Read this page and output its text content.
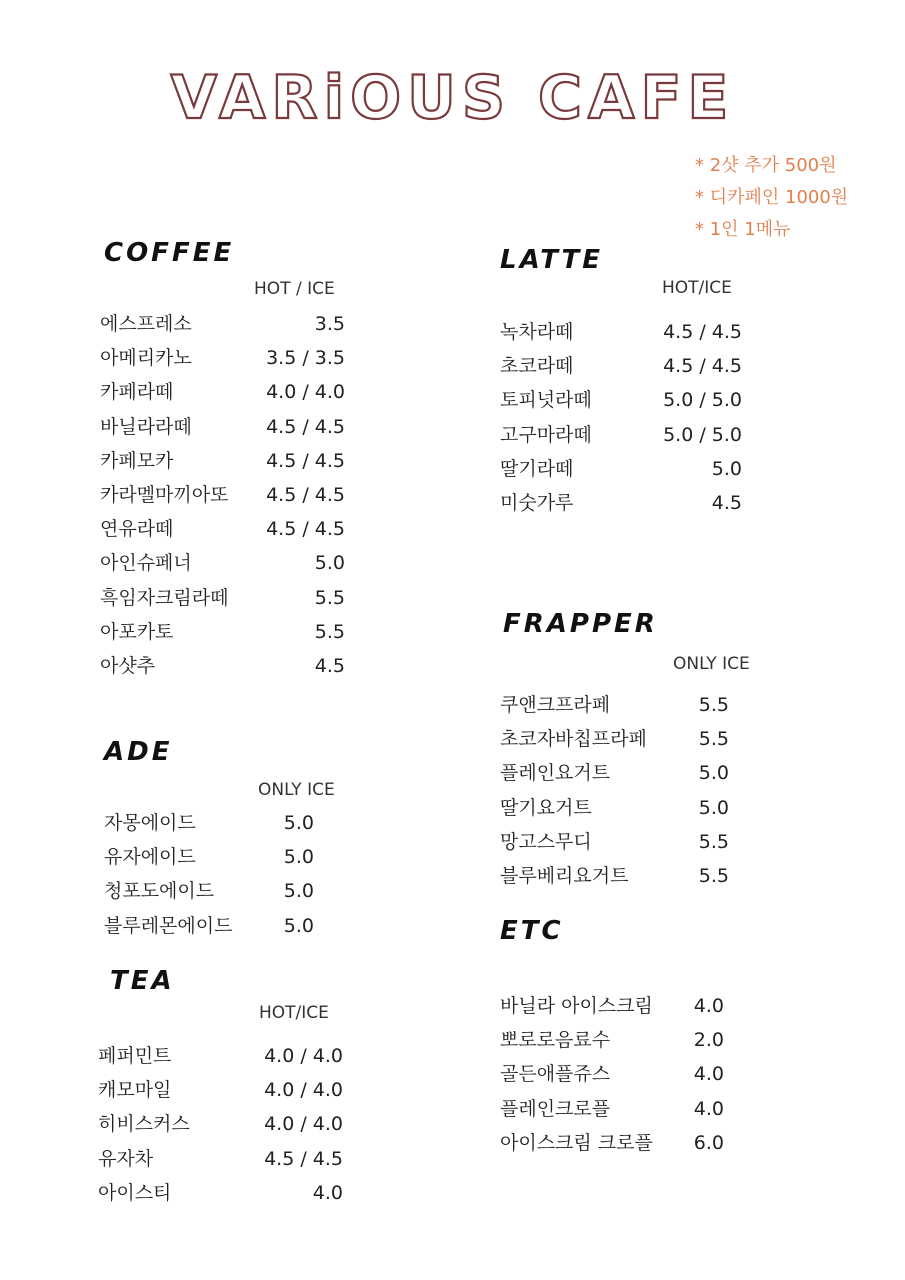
VARiOUS CAFE
* 2샷 추가 500원
* 디카페인 1000원
* 1인 1메뉴
COFFEE
HOT / ICE
에스프레소	3.5
아메리카노	3.5 / 3.5
카페라떼	4.0 / 4.0
바닐라라떼	4.5 / 4.5
카페모카	4.5 / 4.5
카라멜마끼아또 4.5 / 4.5
연유라떼	4.5 / 4.5
아인슈페너	5.0
흑임자크림라떼	5.5
아포카토	5.5
아샷추	4.5
ADE
ONLY ICE
자몽에이드	5.0
유자에이드	5.0
청포도에이드	5.0
블루레몬에이드	5.0
TEA
HOT/ICE
페퍼민트	4.0 / 4.0
캐모마일	4.0 / 4.0
히비스커스	4.0 / 4.0
유자차	4.5 / 4.5
아이스티	4.0
LATTE
HOT/ICE
녹차라떼	4.5 / 4.5
초코라떼	4.5 / 4.5
토피넛라떼	5.0 / 5.0
고구마라떼	5.0 / 5.0
딸기라떼	5.0
미숫가루	4.5
FRAPPER
ONLY ICE
쿠앤크프라페	5.5
초코자바칩프라페	5.5
플레인요거트	5.0
딸기요거트	5.0
망고스무디	5.5
블루베리요거트	5.5
ETC
바닐라 아이스크림 4.0
뽀로로음료수	2.0
골든애플쥬스	4.0
플레인크로플	4.0
아이스크림 크로플 6.0
